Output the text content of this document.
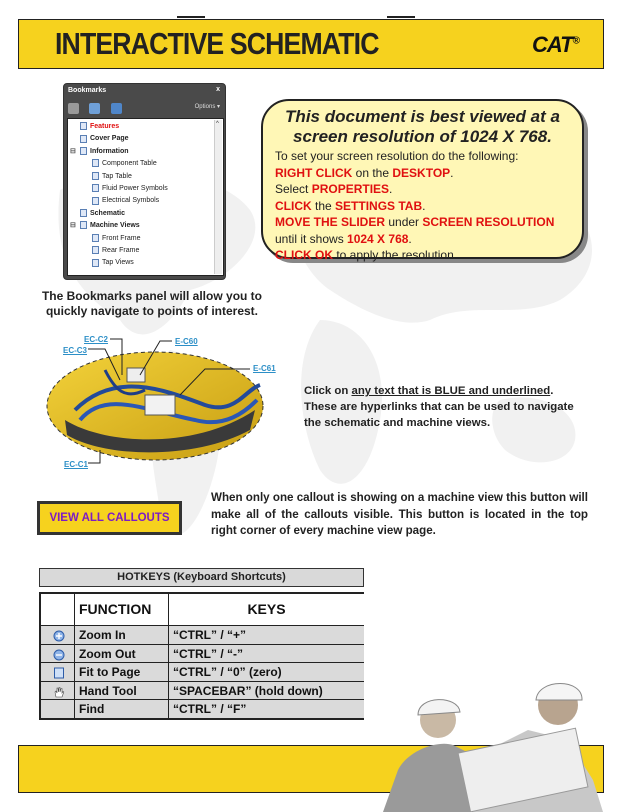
INTERACTIVE SCHEMATIC	CAT®
Bookmarks	x

Options ▾
^
Features
Cover Page
Information
⊟
Component Table
Tap Table
Fluid Power Symbols
Electrical Symbols
Schematic
Machine Views
⊟
Front Frame
Rear Frame
Tap Views
The Bookmarks panel will allow you to quickly navigate to points of interest.
This document is best viewed at a screen resolution of 1024 X 768.
To set your screen resolution do the following:
RIGHT CLICK on the DESKTOP.
Select PROPERTIES.
CLICK the SETTINGS TAB.
MOVE THE SLIDER under SCREEN RESOLUTION
until it shows 1024 X 768.
CLICK OK to apply the resolution.
EC-C2
EC-C3
E-C60
E-C61
EC-C1
Click on any text that is BLUE and underlined. These are hyperlinks that can be used to navigate the schematic and machine views.
VIEW ALL CALLOUTS
When only one callout is showing on a machine view this button will make all of the callouts visible. This button is located in the top right corner of every machine view page.
HOTKEYS (Keyboard Shortcuts)
FUNCTION	KEYS
Zoom In	“CTRL” / “+”
Zoom Out	“CTRL” / “-”
Fit to Page	“CTRL” / “0” (zero)
Hand Tool	“SPACEBAR” (hold down)
Find	“CTRL” / “F”
